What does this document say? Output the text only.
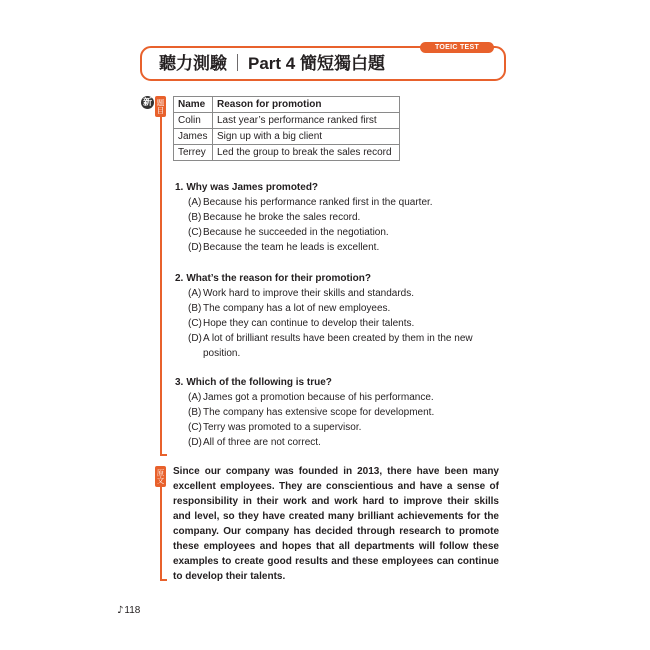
聽力測驗 ｜ Part 4 簡短獨白題
TOEIC TEST
新 題目
原文
Name	Reason for promotion
Colin	Last year’s performance ranked first
James	Sign up with a big client
Terrey	Led the group to break the sales record
1. Why was James promoted?
(A) Because his performance ranked first in the quarter.
(B) Because he broke the sales record.
(C) Because he succeeded in the negotiation.
(D) Because the team he leads is excellent.
2. What’s the reason for their promotion?
(A) Work hard to improve their skills and standards.
(B) The company has a lot of new employees.
(C) Hope they can continue to develop their talents.
(D) A lot of brilliant results have been created by them in the new position.
3. Which of the following is true?
(A) James got a promotion because of his performance.
(B) The company has extensive scope for development.
(C) Terry was promoted to a supervisor.
(D) All of three are not correct.
Since our company was founded in 2013, there have been many
excellent employees. They are conscientious and have a sense of
responsibility in their work and work hard to improve their skills
and level, so they have created many brilliant achievements for the
company. Our company has decided through research to promote
these employees and hopes that all departments will follow these
examples to create good results and these employees can continue
to develop their talents.
♪118
